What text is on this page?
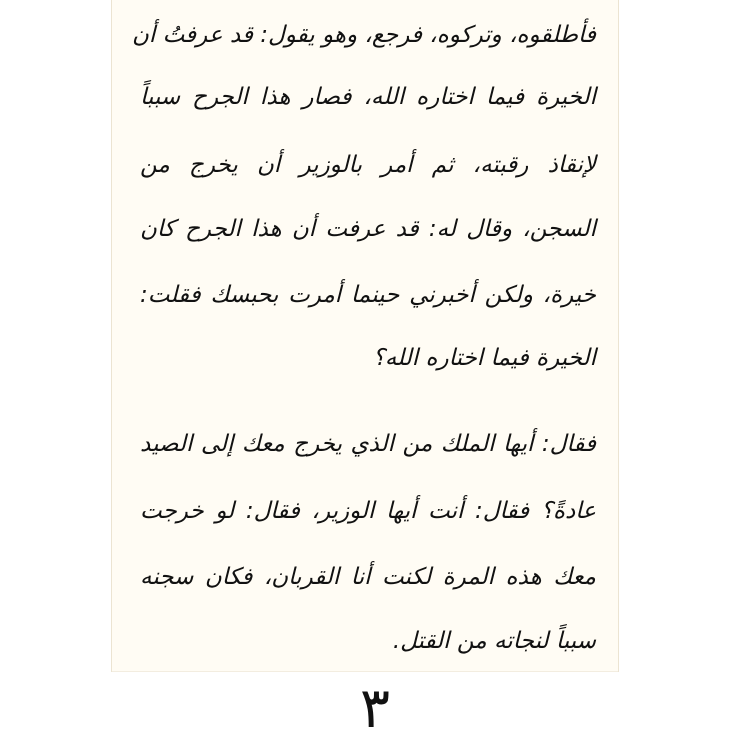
فأطلقوه، وتركوه، فرجع، وهو يقول: قد عرفتُ أن
الخيرة فيما اختاره الله، فصار هذا الجرح سبباً
لإنقاذ رقبته، ثم أمر بالوزير أن يخرج من
السجن، وقال له: قد عرفت أن هذا الجرح كان
خيرة، ولكن أخبرني حينما أمرت بحبسك فقلت:
الخيرة فيما اختاره الله؟
فقال: أيها الملك من الذي يخرج معك إلى الصيد
عادةً؟ فقال: أنت أيها الوزير، فقال: لو خرجت
معك هذه المرة لكنت أنا القربان، فكان سجنه
سبباً لنجاته من القتل.
٣
